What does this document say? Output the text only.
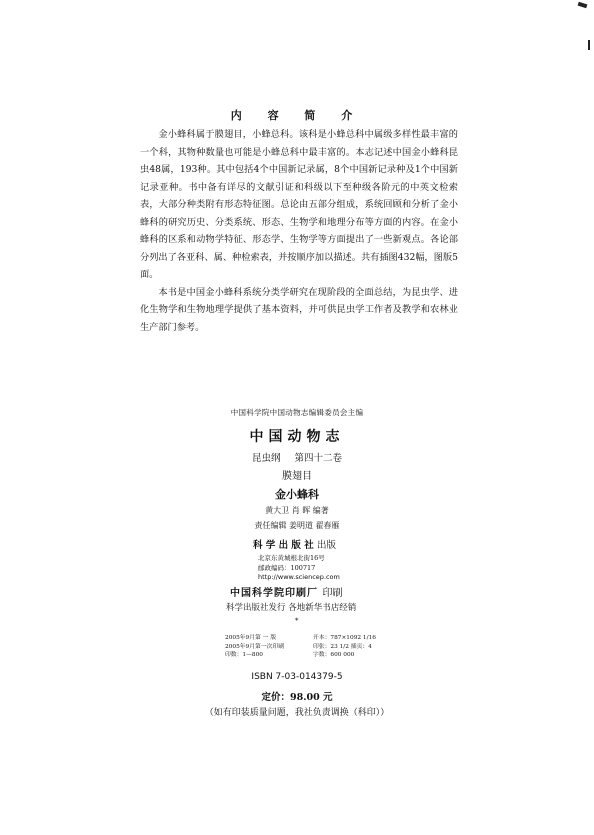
内 容 简 介

金小蜂科属于膜翅目，小蜂总科。该科是小蜂总科中属级多样性最丰富的一个科，其物种数量也可能是小蜂总科中最丰富的。本志记述中国金小蜂科昆虫48属，193种。其中包括4个中国新记录属，8个中国新记录种及1个中国新记录亚种。书中备有详尽的文献引证和科级以下至种级各阶元的中英文检索表，大部分种类附有形态特征图。总论由五部分组成，系统回顾和分析了金小蜂科的研究历史、分类系统、形态、生物学和地理分布等方面的内容。在金小蜂科的区系和动物学特征、形态学、生物学等方面提出了一些新观点。各论部分列出了各亚科、属、种检索表，并按顺序加以描述。共有插图432幅，图版5面。

本书是中国金小蜂科系统分类学研究在现阶段的全面总结，为昆虫学、进化生物学和生物地理学提供了基本资料，并可供昆虫学工作者及教学和农林业生产部门参考。

中国科学院中国动物志编辑委员会主编
中国动物志
昆虫纲 第四十二卷
膜翅目
金小蜂科
黄大卫 肖 晖 编著
责任编辑 姜明道 翟春雁
科 学 出 版 社 出版
北京东黄城根北街16号
邮政编码：100717
http://www.sciencep.com
中国科学院印刷厂 印刷
科学出版社发行 各地新华书店经销
*
2005年9月第 一 版	开本：787×1092 1/16
2005年9月第一次印刷	印张：23 1/2 插页：4
印数：1—800	字数：600 000
ISBN 7-03-014379-5
定价：98.00 元
（如有印装质量问题，我社负责调换（科印））
